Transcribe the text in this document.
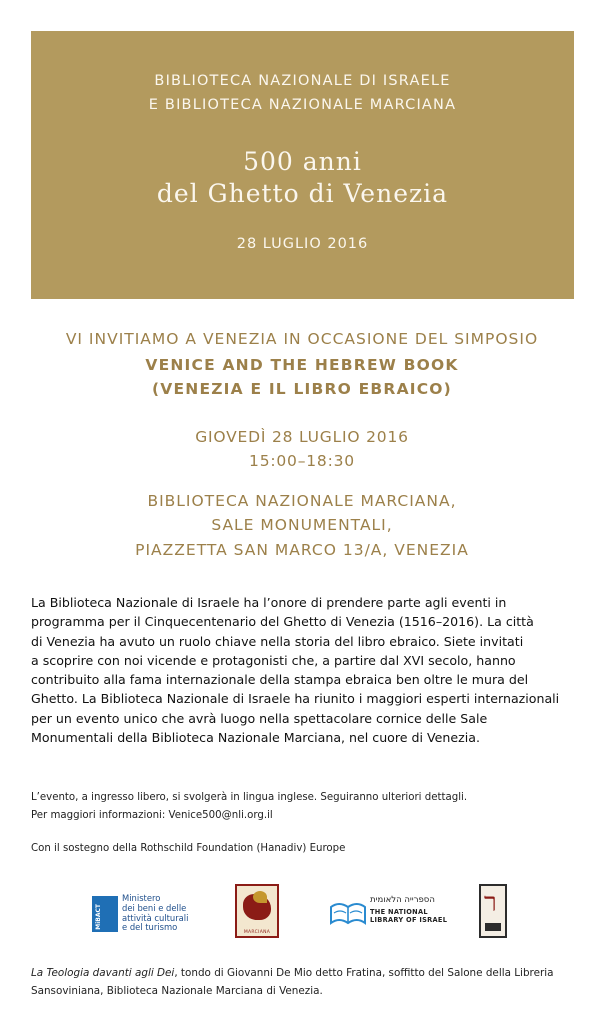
BIBLIOTECA NAZIONALE DI ISRAELE
E BIBLIOTECA NAZIONALE MARCIANA
500 anni
del Ghetto di Venezia
28 LUGLIO 2016
VI INVITIAMO A VENEZIA IN OCCASIONE DEL SIMPOSIO
VENICE AND THE HEBREW BOOK
(VENEZIA E IL LIBRO EBRAICO)
GIOVEDÌ 28 LUGLIO 2016
15:00–18:30
BIBLIOTECA NAZIONALE MARCIANA,
SALE MONUMENTALI,
PIAZZETTA SAN MARCO 13/A, VENEZIA
La Biblioteca Nazionale di Israele ha l’onore di prendere parte agli eventi in
programma per il Cinquecentenario del Ghetto di Venezia (1516–2016). La città
di Venezia ha avuto un ruolo chiave nella storia del libro ebraico. Siete invitati
a scoprire con noi vicende e protagonisti che, a partire dal XVI secolo, hanno
contribuito alla fama internazionale della stampa ebraica ben oltre le mura del
Ghetto. La Biblioteca Nazionale di Israele ha riunito i maggiori esperti internazionali
per un evento unico che avrà luogo nella spettacolare cornice delle Sale
Monumentali della Biblioteca Nazionale Marciana, nel cuore di Venezia.
L’evento, a ingresso libero, si svolgerà in lingua inglese. Seguiranno ulteriori dettagli.
Per maggiori informazioni: Venice500@nli.org.il
Con il sostegno della Rothschild Foundation (Hanadiv) Europe
MiBACT
Ministero
dei beni e delle
attività culturali
e del turismo
MARCIANA
הספרייה הלאומית
THE NATIONAL
LIBRARY OF ISRAEL
ר
La Teologia davanti agli Dei, tondo di Giovanni De Mio detto Fratina, soffitto del Salone della Libreria
Sansoviniana, Biblioteca Nazionale Marciana di Venezia.
